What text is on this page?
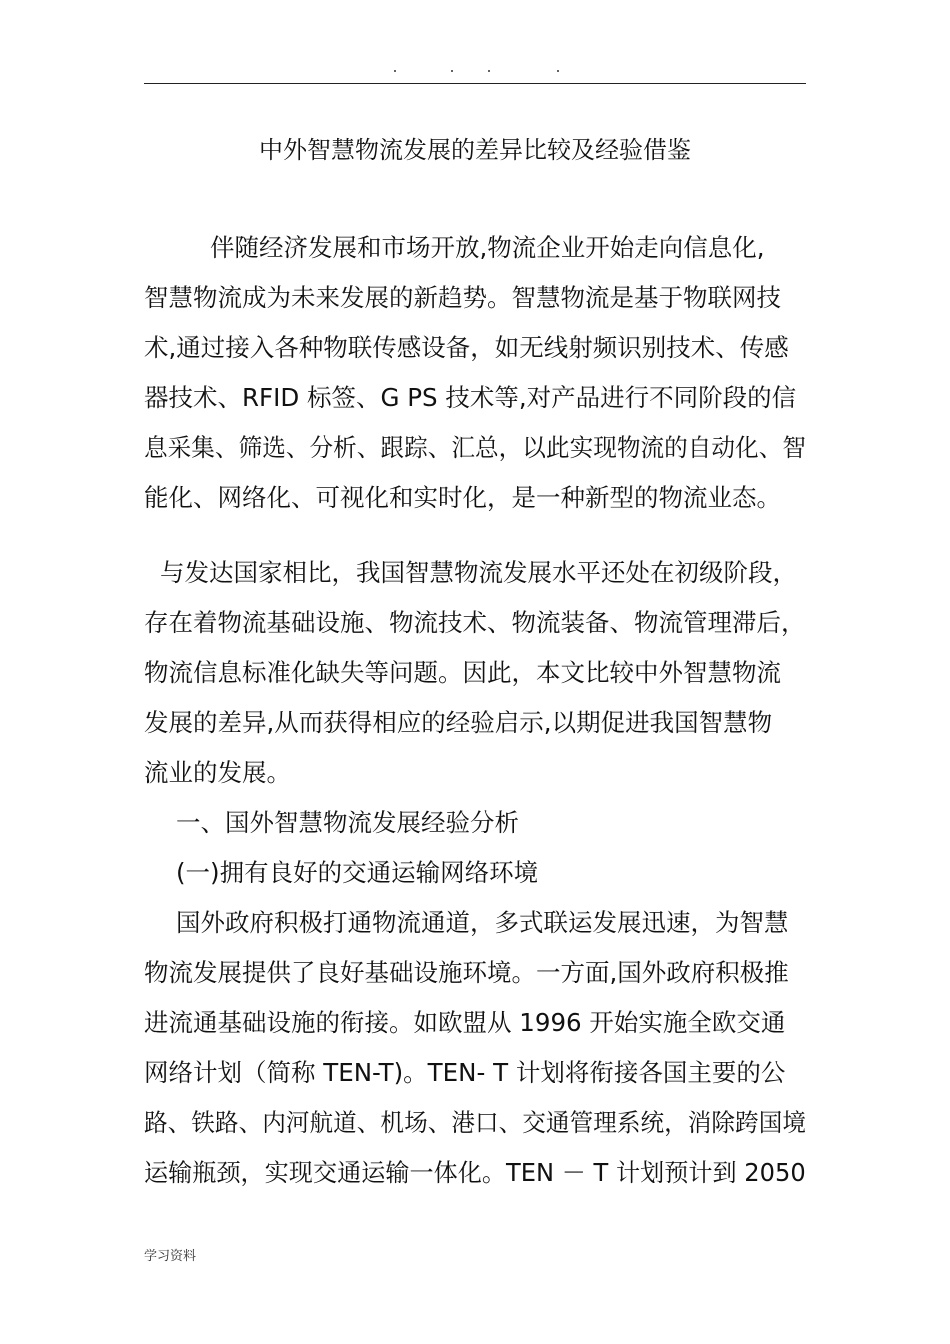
中外智慧物流发展的差异比较及经验借鉴

伴随经济发展和市场开放,物流企业开始走向信息化,

智慧物流成为未来发展的新趋势。智慧物流是基于物联网技

术,通过接入各种物联传感设备，如无线射频识别技术、传感

器技术、RFID 标签、G PS 技术等,对产品进行不同阶段的信

息采集、筛选、分析、跟踪、汇总，以此实现物流的自动化、智

能化、网络化、可视化和实时化，是一种新型的物流业态。

与发达国家相比，我国智慧物流发展水平还处在初级阶段，

存在着物流基础设施、物流技术、物流装备、物流管理滞后，

物流信息标准化缺失等问题。因此，本文比较中外智慧物流

发展的差异,从而获得相应的经验启示,以期促进我国智慧物

流业的发展。

一、国外智慧物流发展经验分析

(一)拥有良好的交通运输网络环境

国外政府积极打通物流通道，多式联运发展迅速，为智慧

物流发展提供了良好基础设施环境。一方面,国外政府积极推

进流通基础设施的衔接。如欧盟从 1996 开始实施全欧交通

网络计划（简称 TEN-T)。TEN- T 计划将衔接各国主要的公

路、铁路、内河航道、机场、港口、交通管理系统，消除跨国境

运输瓶颈，实现交通运输一体化。TEN － T 计划预计到 2050

学习资料
